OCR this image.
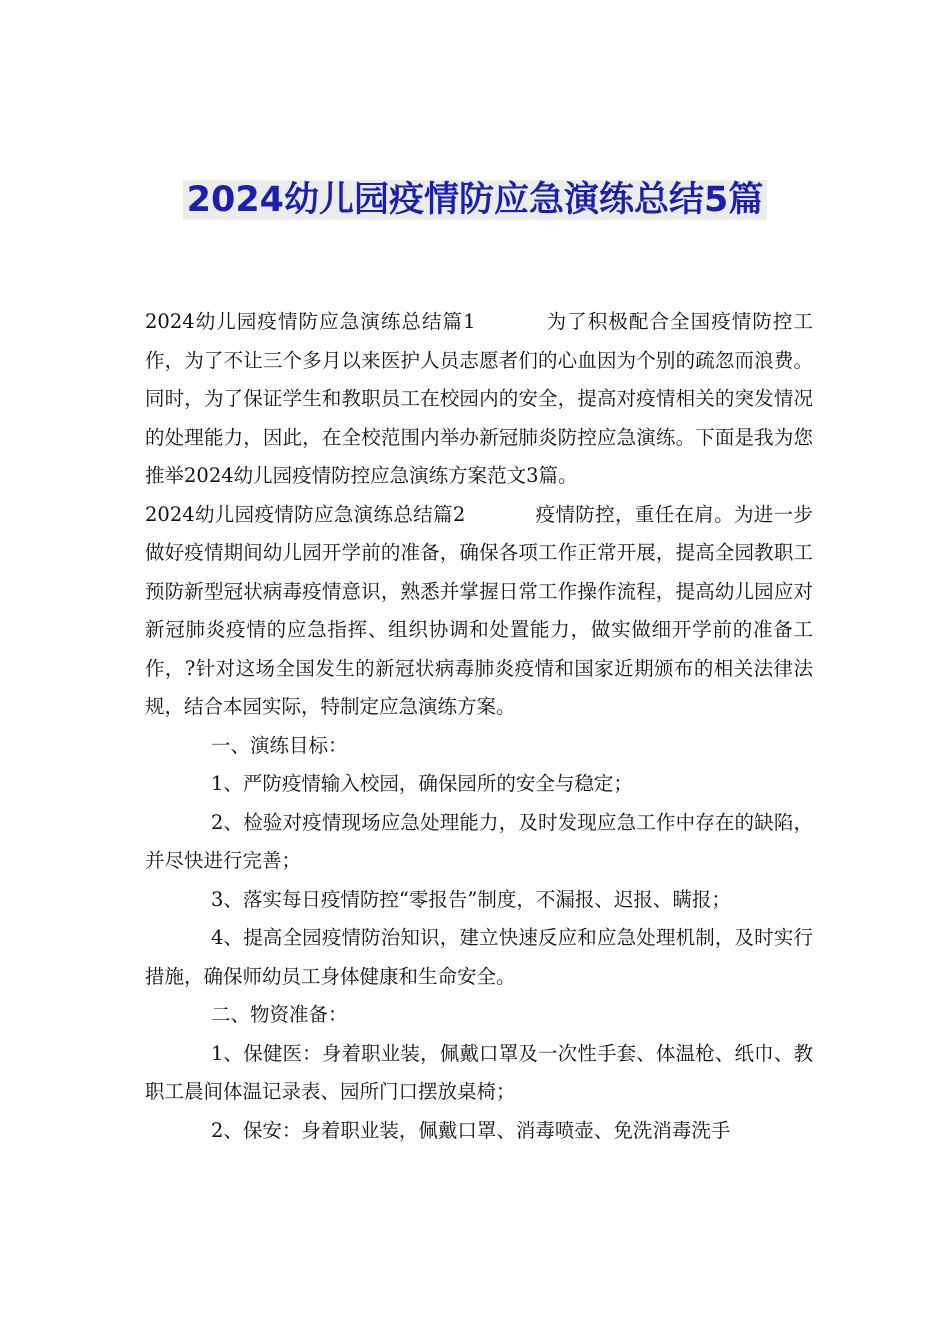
2024幼儿园疫情防应急演练总结5篇

2024幼儿园疫情防应急演练总结篇1	为了积极配合全国疫情防控工作，为了不让三个多月以来医护人员志愿者们的心血因为个别的疏忽而浪费。同时，为了保证学生和教职员工在校园内的安全，提高对疫情相关的突发情况的处理能力，因此，在全校范围内举办新冠肺炎防控应急演练。下面是我为您推举2024幼儿园疫情防控应急演练方案范文3篇。

2024幼儿园疫情防应急演练总结篇2	疫情防控，重任在肩。为进一步做好疫情期间幼儿园开学前的准备，确保各项工作正常开展，提高全园教职工预防新型冠状病毒疫情意识，熟悉并掌握日常工作操作流程，提高幼儿园应对新冠肺炎疫情的应急指挥、组织协调和处置能力，做实做细开学前的准备工作，?针对这场全国发生的新冠状病毒肺炎疫情和国家近期颁布的相关法律法规，结合本园实际，特制定应急演练方案。

一、演练目标：

1、严防疫情输入校园，确保园所的安全与稳定；

2、检验对疫情现场应急处理能力，及时发现应急工作中存在的缺陷，并尽快进行完善；

3、落实每日疫情防控“零报告”制度，不漏报、迟报、瞒报；

4、提高全园疫情防治知识，建立快速反应和应急处理机制，及时实行措施，确保师幼员工身体健康和生命安全。

二、物资准备：

1、保健医：身着职业装，佩戴口罩及一次性手套、体温枪、纸巾、教职工晨间体温记录表、园所门口摆放桌椅；

2、保安：身着职业装，佩戴口罩、消毒喷壶、免洗消毒洗手
